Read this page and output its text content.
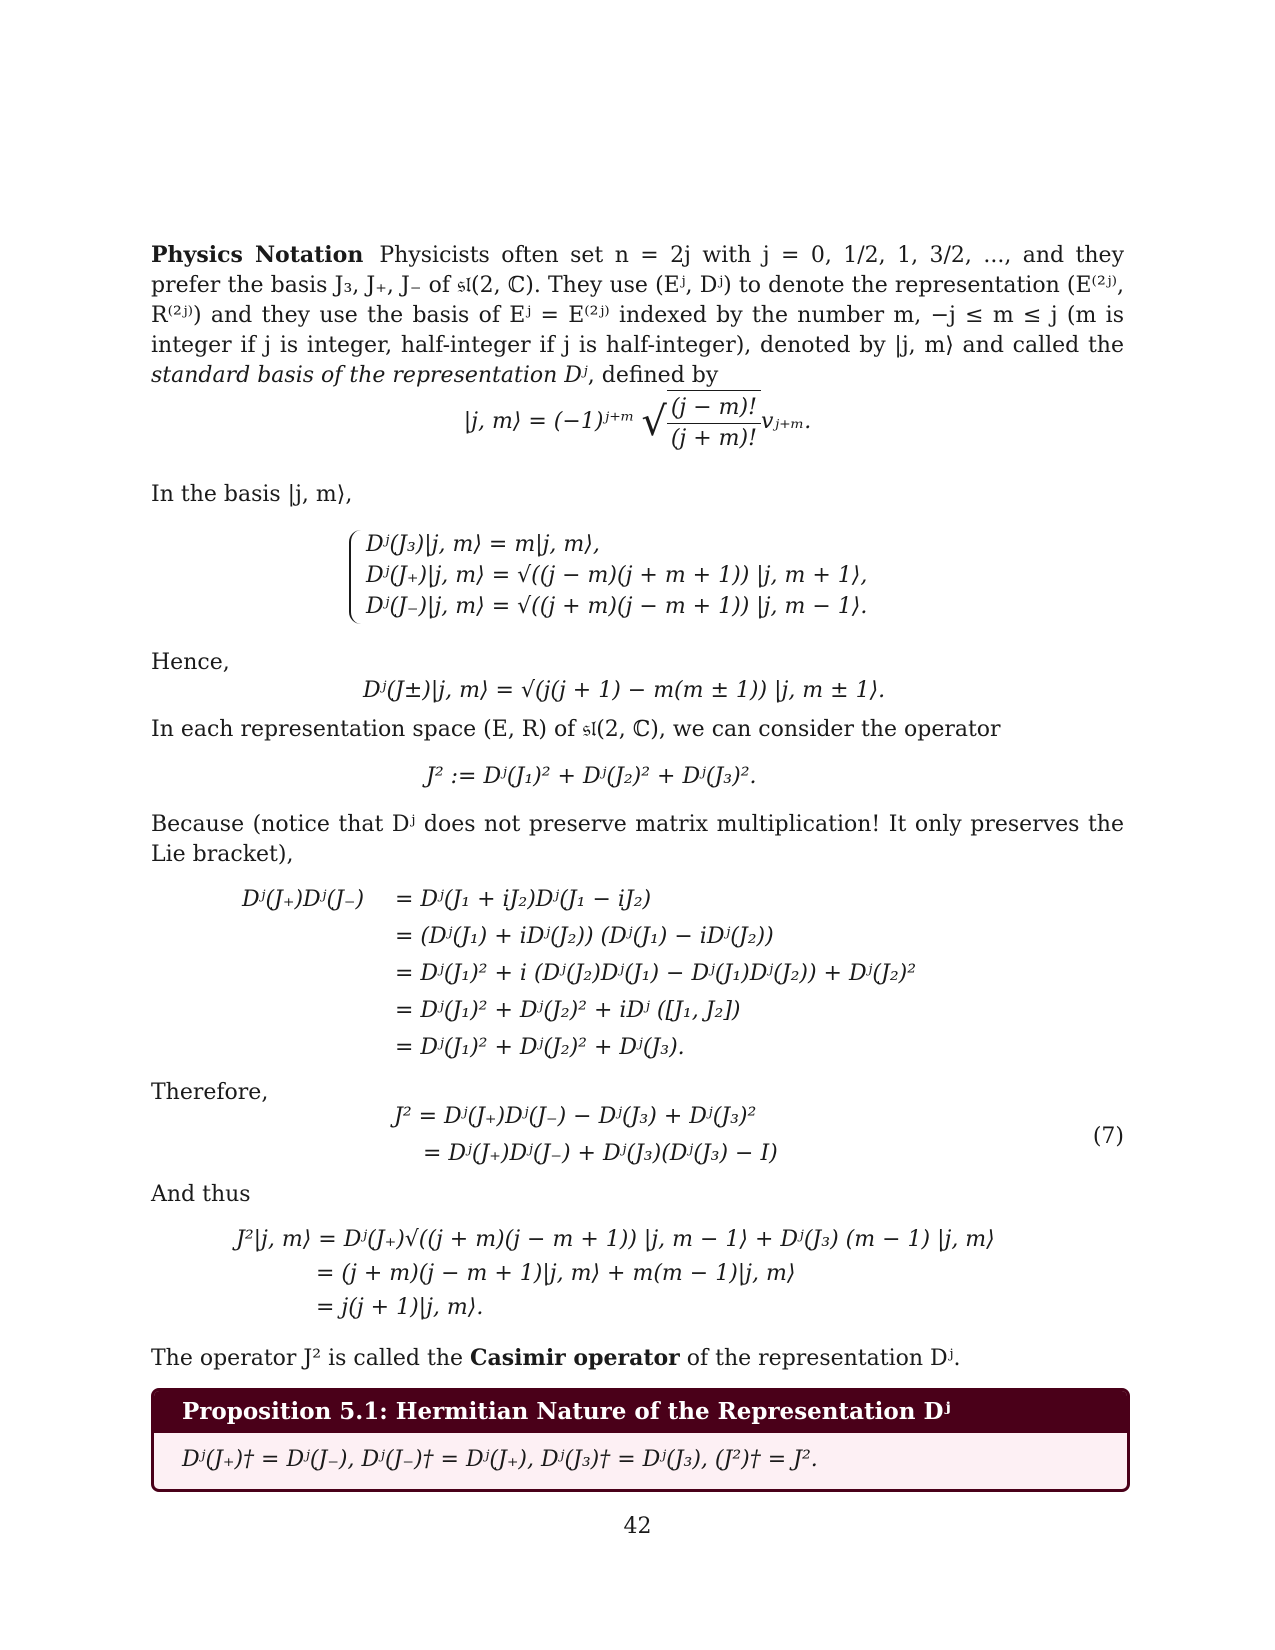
Physics Notation Physicists often set n = 2j with j = 0, 1/2, 1, 3/2, ..., and they prefer the basis J₃, J₊, J₋ of 𝔰𝔩(2, ℂ). They use (Eʲ, Dʲ) to denote the representation (E⁽²ʲ⁾, R⁽²ʲ⁾) and they use the basis of Eʲ = E⁽²ʲ⁾ indexed by the number m, −j ≤ m ≤ j (m is integer if j is integer, half-integer if j is half-integer), denoted by |j, m⟩ and called the standard basis of the representation Dʲ, defined by

|j, m⟩ = (−1)ʲ⁺ᵐ √ $\frac{(j - m)!}{(j + m)!}$ vⱼ₊ₘ.

In the basis |j, m⟩,

Dʲ(J₃)|j, m⟩ = m|j, m⟩,
Dʲ(J₊)|j, m⟩ = √((j − m)(j + m + 1)) |j, m + 1⟩,
Dʲ(J₋)|j, m⟩ = √((j + m)(j − m + 1)) |j, m − 1⟩.

Hence,

Dʲ(J±)|j, m⟩ = √(j(j + 1) − m(m ± 1)) |j, m ± 1⟩.

In each representation space (E, R) of 𝔰𝔩(2, ℂ), we can consider the operator

J² := Dʲ(J₁)² + Dʲ(J₂)² + Dʲ(J₃)².

Because (notice that Dʲ does not preserve matrix multiplication! It only preserves the Lie bracket),

Dʲ(J₊)Dʲ(J₋) = Dʲ(J₁ + iJ₂)Dʲ(J₁ − iJ₂)
= (Dʲ(J₁) + iDʲ(J₂)) (Dʲ(J₁) − iDʲ(J₂))
= Dʲ(J₁)² + i (Dʲ(J₂)Dʲ(J₁) − Dʲ(J₁)Dʲ(J₂)) + Dʲ(J₂)²
= Dʲ(J₁)² + Dʲ(J₂)² + iDʲ ([J₁, J₂])
= Dʲ(J₁)² + Dʲ(J₂)² + Dʲ(J₃).

Therefore,

J² = Dʲ(J₊)Dʲ(J₋) − Dʲ(J₃) + Dʲ(J₃)²
= Dʲ(J₊)Dʲ(J₋) + Dʲ(J₃)(Dʲ(J₃) − I)
(7)

And thus

J²|j, m⟩ = Dʲ(J₊)√((j + m)(j − m + 1)) |j, m − 1⟩ + Dʲ(J₃) (m − 1) |j, m⟩
= (j + m)(j − m + 1)|j, m⟩ + m(m − 1)|j, m⟩
= j(j + 1)|j, m⟩.

The operator J² is called the Casimir operator of the representation Dʲ.

Proposition 5.1: Hermitian Nature of the Representation Dʲ
Dʲ(J₊)† = Dʲ(J₋), Dʲ(J₋)† = Dʲ(J₊), Dʲ(J₃)† = Dʲ(J₃), (J²)† = J².
42
